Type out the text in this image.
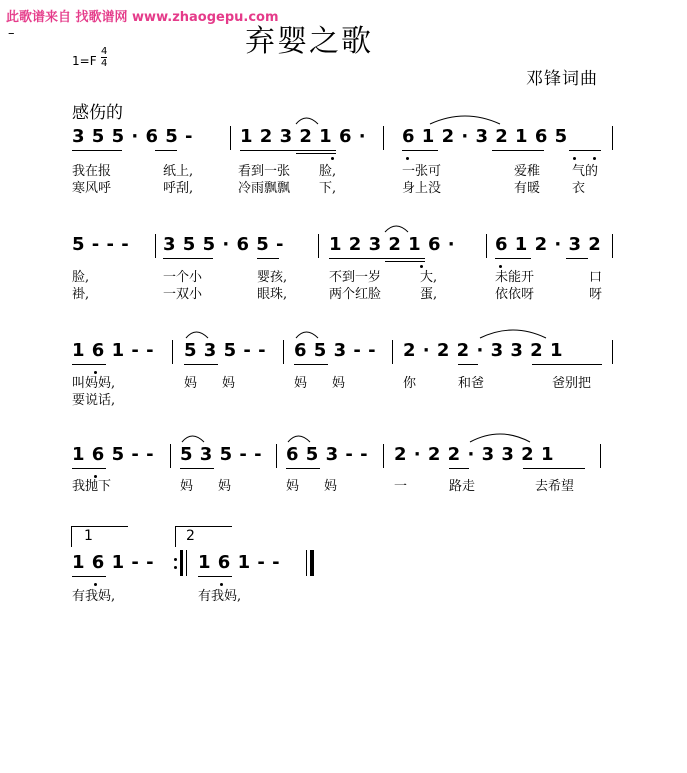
此歌谱来自 找歌谱网 www.zhaogepu.com
–	弃婴之歌
1=F
4
4
邓锋词曲
感伤的
3 5 5 · 6 5 -	1 2 3 2 1 6 · 6 1 2 · 3 2 1 6 5
我在报	纸上,	看到一张 脸,	一张可	爱稚 气的
寒风呼	呼刮,	冷雨飘飘 下,	身上没	有暖 衣
5 - - - 3 5 5 · 6 5 - 1 2 3 2 1 6 · 6 1 2 · 3 2
脸,	一个小	婴孩,	不到一岁	大,	未能开	口
褂,	一双小	眼珠,	两个红脸	蛋,	依依呀	呀
1 6 1 - - 5 3 5 - - 6 5 3 - - 2 · 2 2 · 3 3 2 1
叫妈妈,	妈 妈	妈 妈	你	和爸	爸别把
要说话,
1 6 5 - - 5 3 5 - - 6 5 3 - - 2 · 2 2 · 3 3 2 1
我抛下	妈 妈	妈 妈	一	路走	去希望
1	2
1 6 1 - - 1 6 1 - -
有我妈,	有我妈,
